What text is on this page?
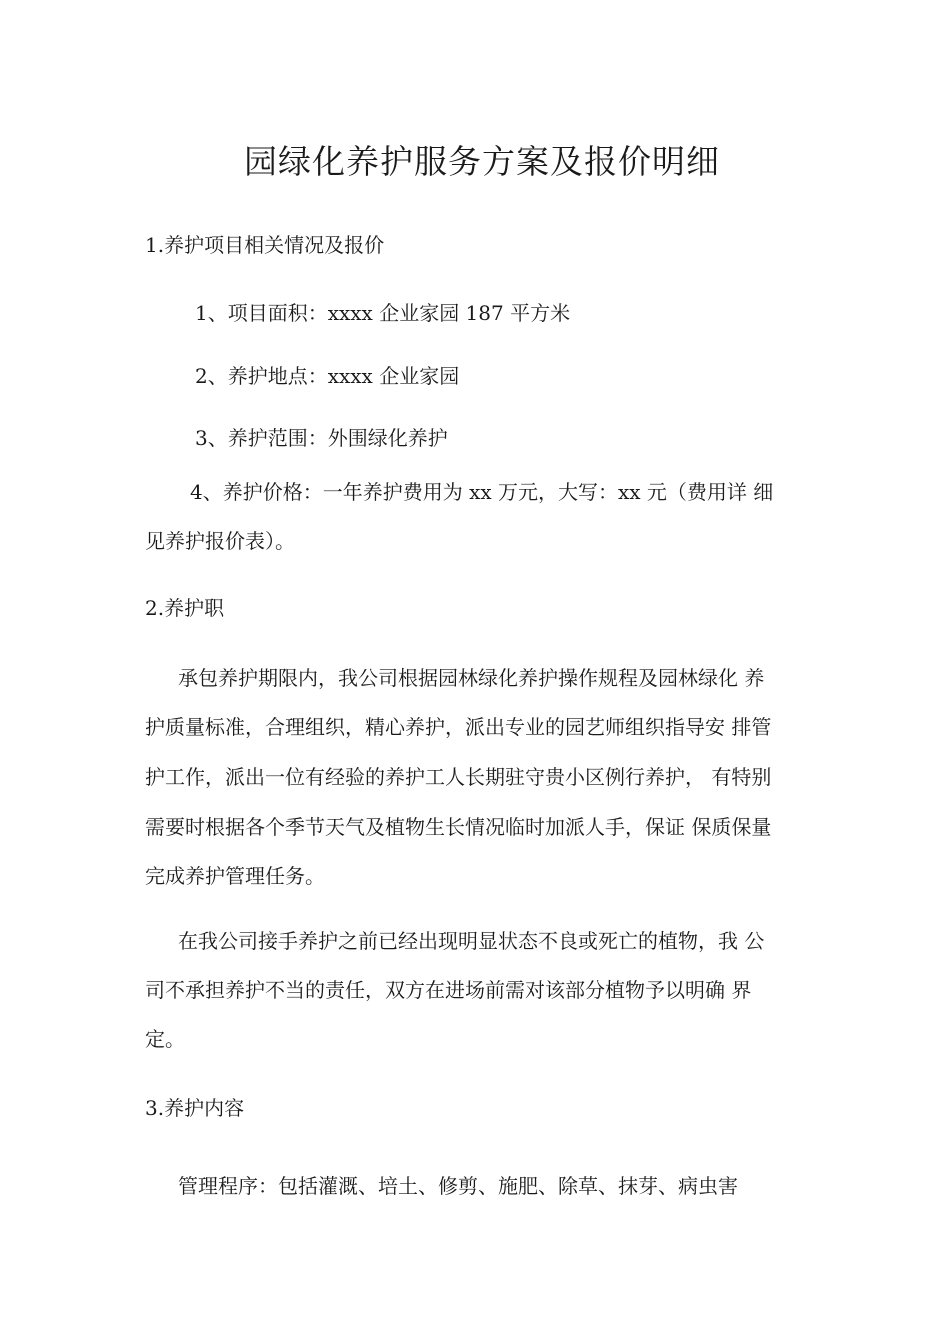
园绿化养护服务方案及报价明细
1.养护项目相关情况及报价
1、项目面积：xxxx 企业家园 187 平方米
2、养护地点：xxxx 企业家园
3、养护范围：外围绿化养护
4、养护价格：一年养护费用为 xx 万元，大写：xx 元（费用详 细
见养护报价表）。
2.养护职
承包养护期限内，我公司根据园林绿化养护操作规程及园林绿化 养
护质量标准，合理组织，精心养护，派出专业的园艺师组织指导安 排管
护工作，派出一位有经验的养护工人长期驻守贵小区例行养护， 有特别
需要时根据各个季节天气及植物生长情况临时加派人手，保证 保质保量
完成养护管理任务。
在我公司接手养护之前已经出现明显状态不良或死亡的植物，我 公
司不承担养护不当的责任，双方在进场前需对该部分植物予以明确 界
定。
3.养护内容
管理程序：包括灌溉、培土、修剪、施肥、除草、抹芽、病虫害
